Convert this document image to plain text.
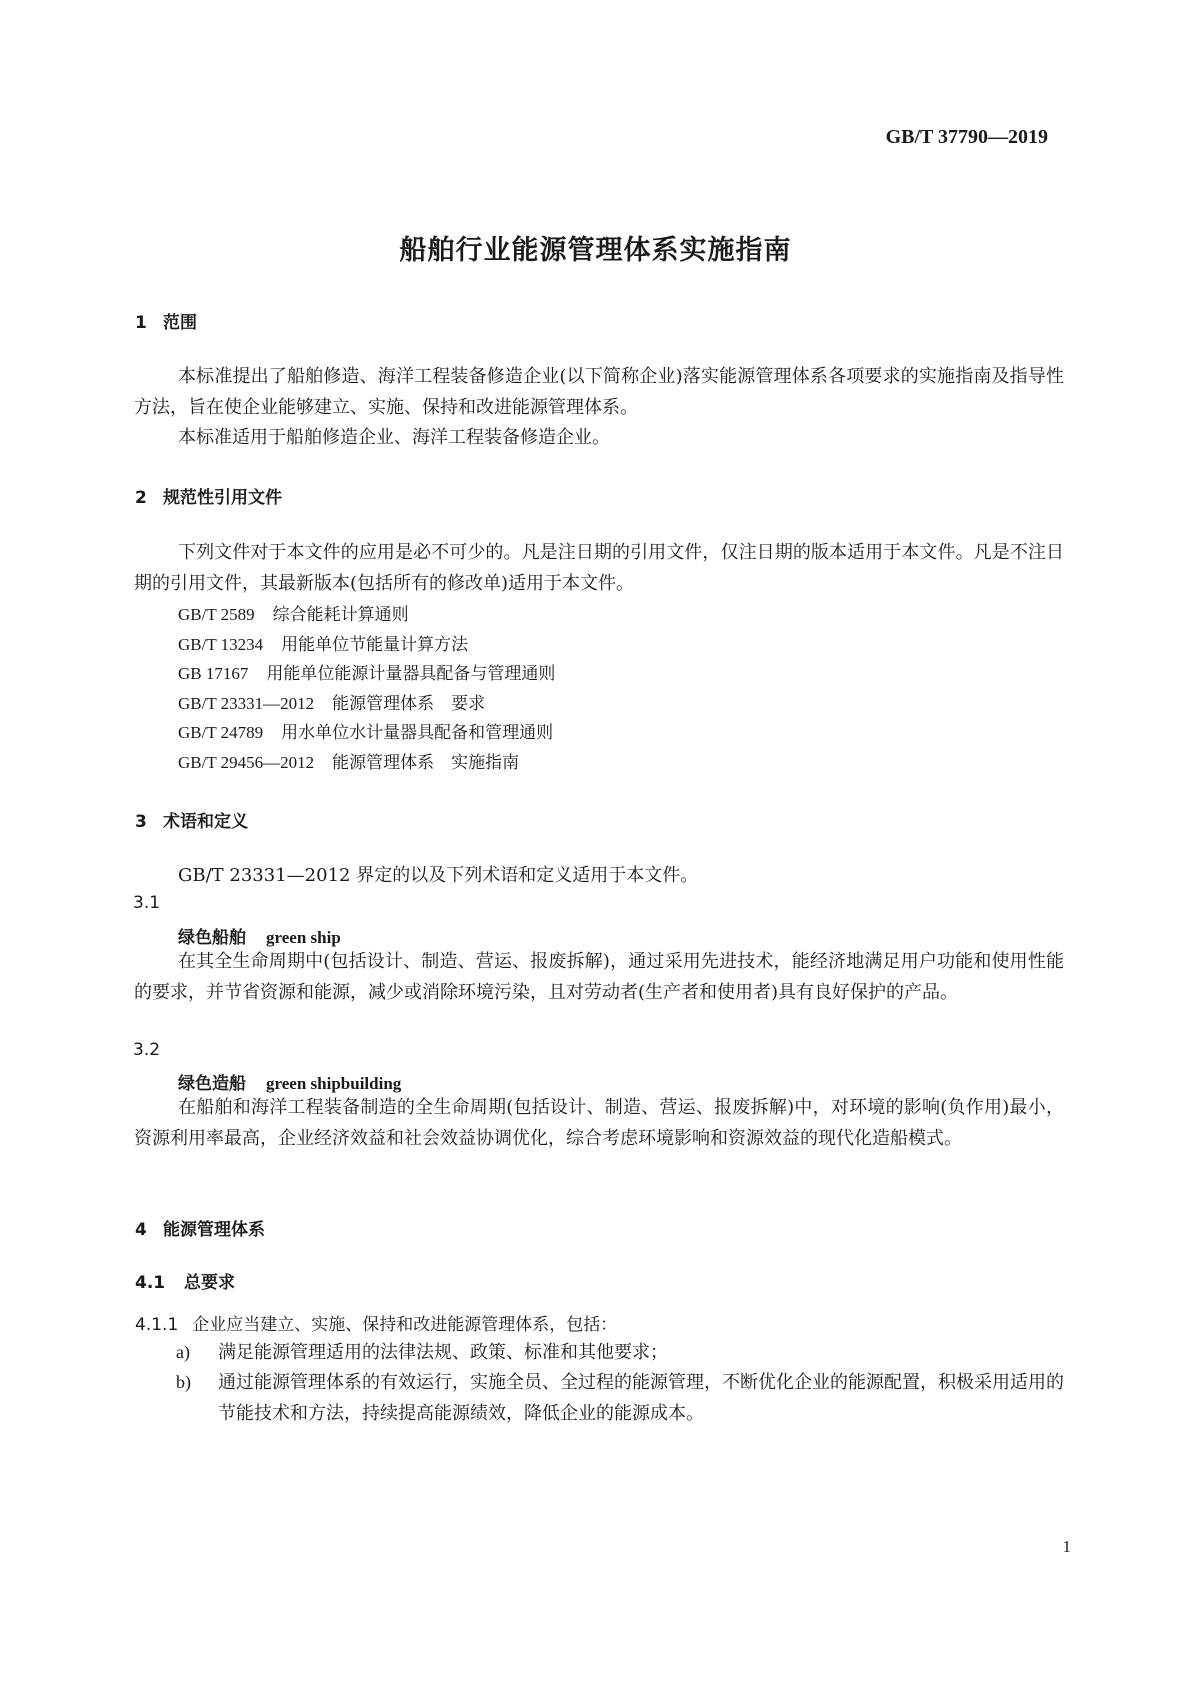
GB/T 37790—2019
船舶行业能源管理体系实施指南
1 范围

本标准提出了船舶修造、海洋工程装备修造企业(以下简称企业)落实能源管理体系各项要求的实施指南及指导性方法，旨在使企业能够建立、实施、保持和改进能源管理体系。

本标准适用于船舶修造企业、海洋工程装备修造企业。

2 规范性引用文件

下列文件对于本文件的应用是必不可少的。凡是注日期的引用文件，仅注日期的版本适用于本文件。凡是不注日期的引用文件，其最新版本(包括所有的修改单)适用于本文件。

GB/T 2589 综合能耗计算通则
GB/T 13234 用能单位节能量计算方法
GB 17167 用能单位能源计量器具配备与管理通则
GB/T 23331—2012 能源管理体系　要求
GB/T 24789 用水单位水计量器具配备和管理通则
GB/T 29456—2012 能源管理体系　实施指南
3 术语和定义

GB/T 23331—2012 界定的以及下列术语和定义适用于本文件。

3.1
绿色船舶 green ship

在其全生命周期中(包括设计、制造、营运、报废拆解)，通过采用先进技术，能经济地满足用户功能和使用性能的要求，并节省资源和能源，减少或消除环境污染，且对劳动者(生产者和使用者)具有良好保护的产品。

3.2
绿色造船 green shipbuilding

在船舶和海洋工程装备制造的全生命周期(包括设计、制造、营运、报废拆解)中，对环境的影响(负作用)最小，资源利用率最高，企业经济效益和社会效益协调优化，综合考虑环境影响和资源效益的现代化造船模式。

4 能源管理体系
4.1 总要求
4.1.1 企业应当建立、实施、保持和改进能源管理体系，包括：
a) 满足能源管理适用的法律法规、政策、标准和其他要求；
b) 通过能源管理体系的有效运行，实施全员、全过程的能源管理，不断优化企业的能源配置，积极采用适用的节能技术和方法，持续提高能源绩效，降低企业的能源成本。
1
